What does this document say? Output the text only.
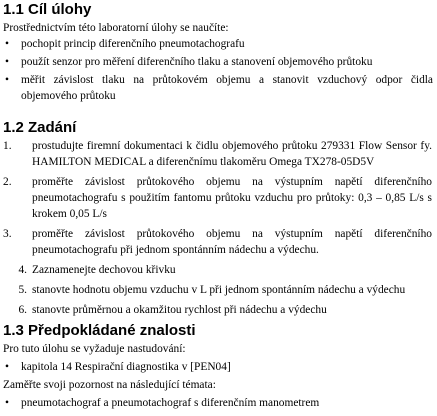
1.1 Cíl úlohy

Prostřednictvím této laboratorní úlohy se naučíte:

•	pochopit princip diferenčního pneumotachografu
•	použít senzor pro měření diferenčního tlaku a stanovení objemového průtoku
•	měřit závislost tlaku na průtokovém objemu a stanovit vzduchový odpor čidla objemového průtoku
1.2 Zadání
1.	prostudujte firemní dokumentaci k čidlu objemového průtoku 279331 Flow Sensor fy. HAMILTON MEDICAL a diferenčnímu tlakoměru Omega TX278-05D5V
2.	proměřte závislost průtokového objemu na výstupním napětí diferenčního pneumotachografu s použitím fantomu průtoku vzduchu pro průtoky: 0,3 – 0,85 L/s s krokem 0,05 L/s
3.	proměřte závislost průtokového objemu na výstupním napětí diferenčního pneumotachografu při jednom spontánním nádechu a výdechu.
4. Zaznamenejte dechovou křivku
5. stanovte hodnotu objemu vzduchu v L při jednom spontánním nádechu a výdechu
6. stanovte průměrnou a okamžitou rychlost při nádechu a výdechu
1.3 Předpokládané znalosti

Pro tuto úlohu se vyžaduje nastudování:

•	kapitola 14 Respirační diagnostika v [PEN04]

Zaměřte svoji pozornost na následující témata:

•	pneumotachograf a pneumotachograf s diferenčním manometrem
